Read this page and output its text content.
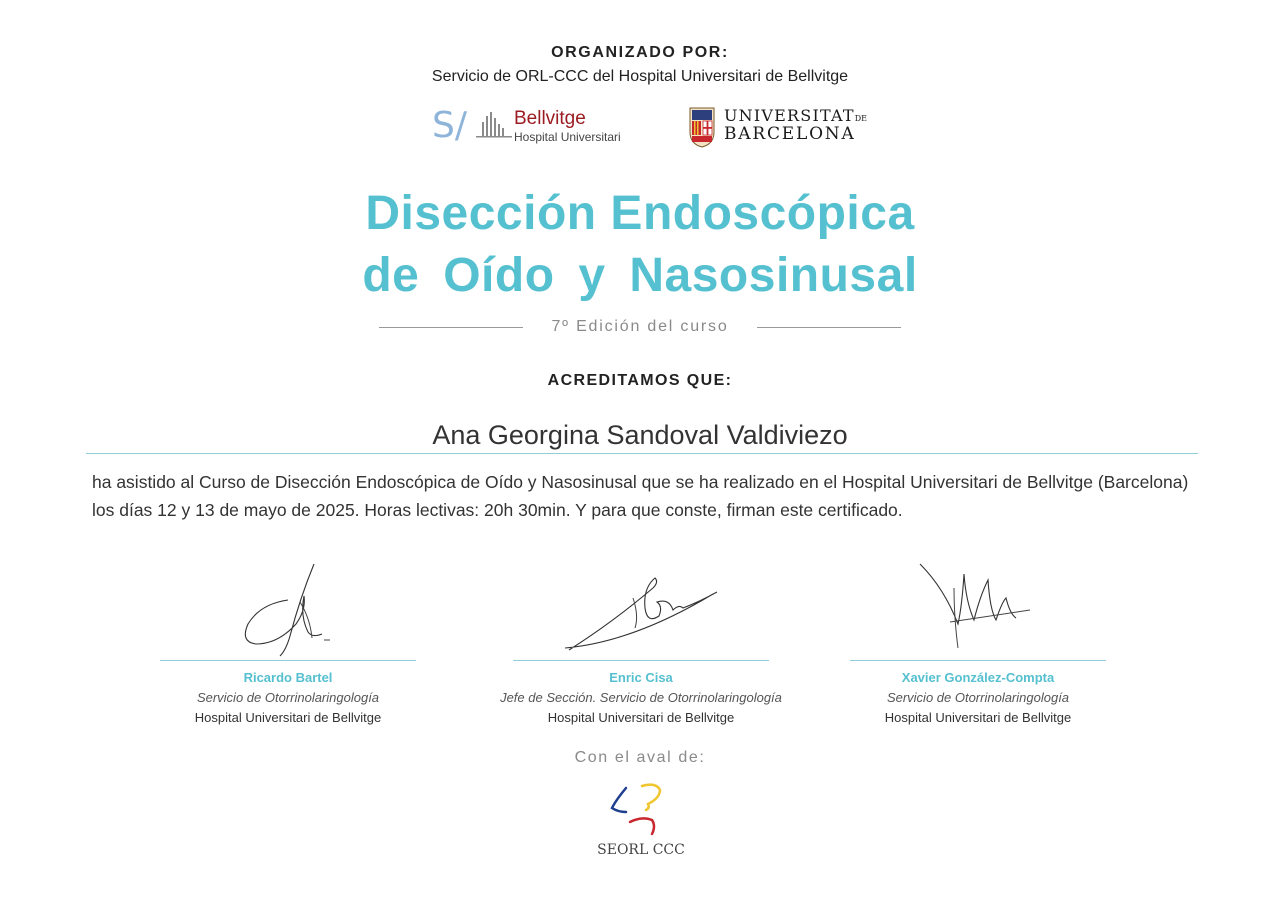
ORGANIZADO POR:
Servicio de ORL-CCC del Hospital Universitari de Bellvitge
S/ Bellvitge
Hospital Universitari
UNIVERSITATDE
BARCELONA
Disección Endoscópica
de Oído y Nasosinusal
7º Edición del curso
ACREDITAMOS QUE:
Ana Georgina Sandoval Valdiviezo
ha asistido al Curso de Disección Endoscópica de Oído y Nasosinusal que se ha realizado en el Hospital Universitari de Bellvitge (Barcelona) los días 12 y 13 de mayo de 2025. Horas lectivas: 20h 30min. Y para que conste, firman este certificado.
Ricardo Bartel
Servicio de Otorrinolaringología
Hospital Universitari de Bellvitge
Enric Cisa
Jefe de Sección. Servicio de Otorrinolaringología
Hospital Universitari de Bellvitge
Xavier González-Compta
Servicio de Otorrinolaringología
Hospital Universitari de Bellvitge
Con el aval de:
SEORL CCC
